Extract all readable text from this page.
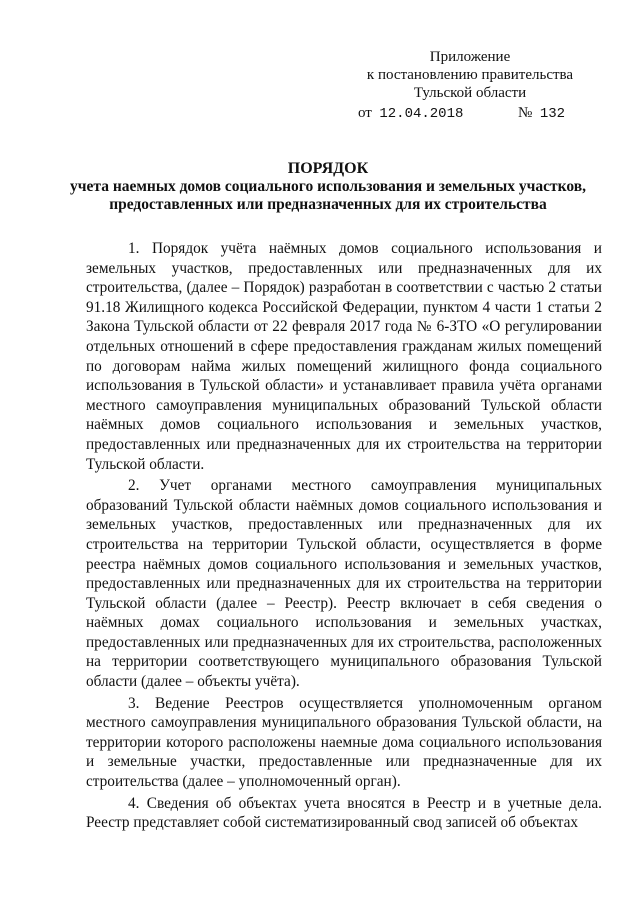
Приложение
к постановлению правительства
Тульской области
от 12.04.2018	№ 132
ПОРЯДОК
учета наемных домов социального использования и земельных участков, предоставленных или предназначенных для их строительства

1. Порядок учёта наёмных домов социального использования и земельных участков, предоставленных или предназначенных для их строительства, (далее – Порядок) разработан в соответствии с частью 2 статьи 91.18 Жилищного кодекса Российской Федерации, пунктом 4 части 1 статьи 2 Закона Тульской области от 22 февраля 2017 года № 6-ЗТО «О регулировании отдельных отношений в сфере предоставления гражданам жилых помещений по договорам найма жилых помещений жилищного фонда социального использования в Тульской области» и устанавливает правила учёта органами местного самоуправления муниципальных образований Тульской области наёмных домов социального использования и земельных участков, предоставленных или предназначенных для их строительства на территории Тульской области.

2. Учет органами местного самоуправления муниципальных образований Тульской области наёмных домов социального использования и земельных участков, предоставленных или предназначенных для их строительства на территории Тульской области, осуществляется в форме реестра наёмных домов социального использования и земельных участков, предоставленных или предназначенных для их строительства на территории Тульской области (далее – Реестр). Реестр включает в себя сведения о наёмных домах социального использования и земельных участках, предоставленных или предназначенных для их строительства, расположенных на территории соответствующего муниципального образования Тульской области (далее – объекты учёта).

3. Ведение Реестров осуществляется уполномоченным органом местного самоуправления муниципального образования Тульской области, на территории которого расположены наемные дома социального использования и земельные участки, предоставленные или предназначенные для их строительства (далее – уполномоченный орган).

4. Сведения об объектах учета вносятся в Реестр и в учетные дела. Реестр представляет собой систематизированный свод записей об объектах
